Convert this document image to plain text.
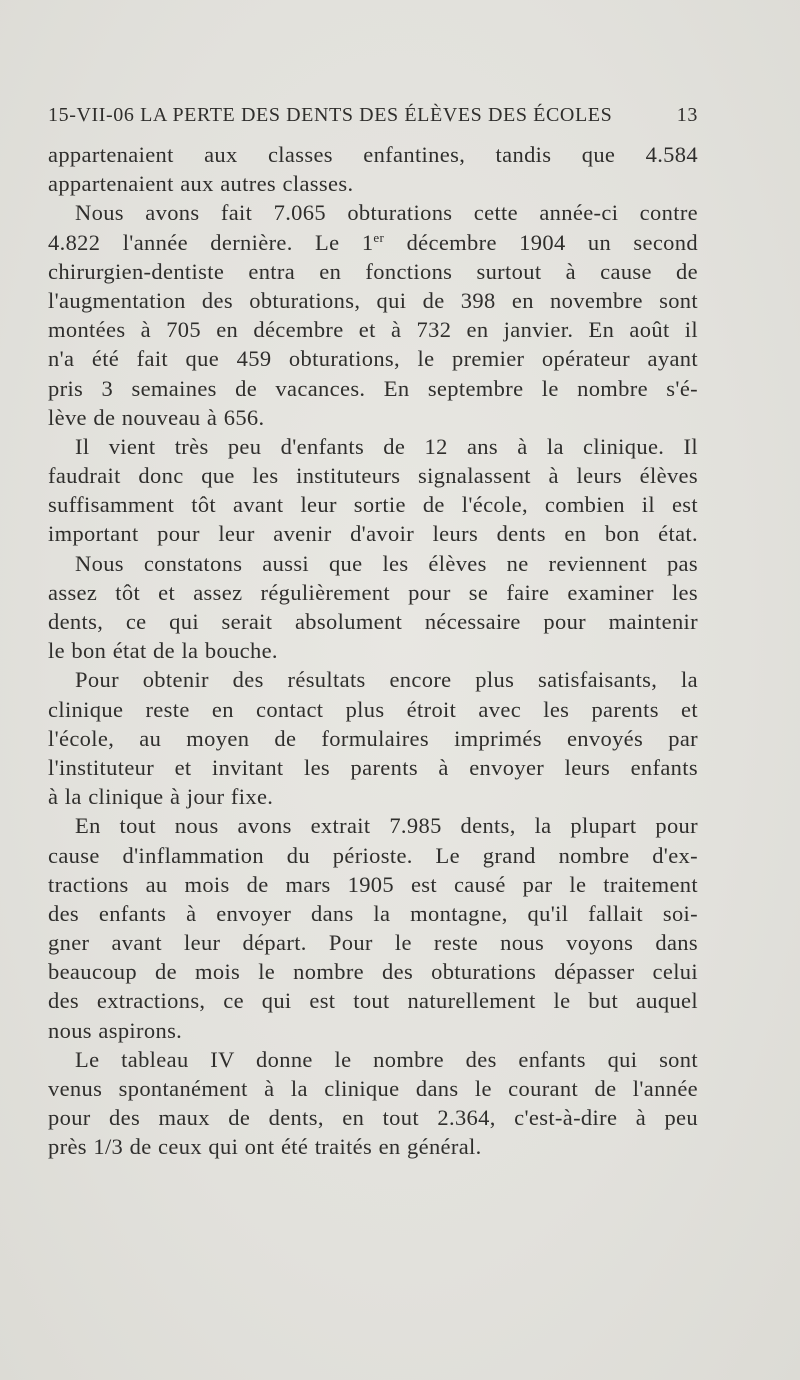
15-VII-06 LA PERTE DES DENTS DES ÉLÈVES DES ÉCOLES	13
appartenaient aux classes enfantines, tandis que 4.584
appartenaient aux autres classes.
Nous avons fait 7.065 obturations cette année-ci contre
4.822 l'année dernière. Le 1er décembre 1904 un second
chirurgien-dentiste entra en fonctions surtout à cause de
l'augmentation des obturations, qui de 398 en novembre sont
montées à 705 en décembre et à 732 en janvier. En août il
n'a été fait que 459 obturations, le premier opérateur ayant
pris 3 semaines de vacances. En septembre le nombre s'é-
lève de nouveau à 656.
Il vient très peu d'enfants de 12 ans à la clinique. Il
faudrait donc que les instituteurs signalassent à leurs élèves
suffisamment tôt avant leur sortie de l'école, combien il est
important pour leur avenir d'avoir leurs dents en bon état.
Nous constatons aussi que les élèves ne reviennent pas
assez tôt et assez régulièrement pour se faire examiner les
dents, ce qui serait absolument nécessaire pour maintenir
le bon état de la bouche.
Pour obtenir des résultats encore plus satisfaisants, la
clinique reste en contact plus étroit avec les parents et
l'école, au moyen de formulaires imprimés envoyés par
l'instituteur et invitant les parents à envoyer leurs enfants
à la clinique à jour fixe.
En tout nous avons extrait 7.985 dents, la plupart pour
cause d'inflammation du périoste. Le grand nombre d'ex-
tractions au mois de mars 1905 est causé par le traitement
des enfants à envoyer dans la montagne, qu'il fallait soi-
gner avant leur départ. Pour le reste nous voyons dans
beaucoup de mois le nombre des obturations dépasser celui
des extractions, ce qui est tout naturellement le but auquel
nous aspirons.
Le tableau IV donne le nombre des enfants qui sont
venus spontanément à la clinique dans le courant de l'année
pour des maux de dents, en tout 2.364, c'est-à-dire à peu
près 1/3 de ceux qui ont été traités en général.
